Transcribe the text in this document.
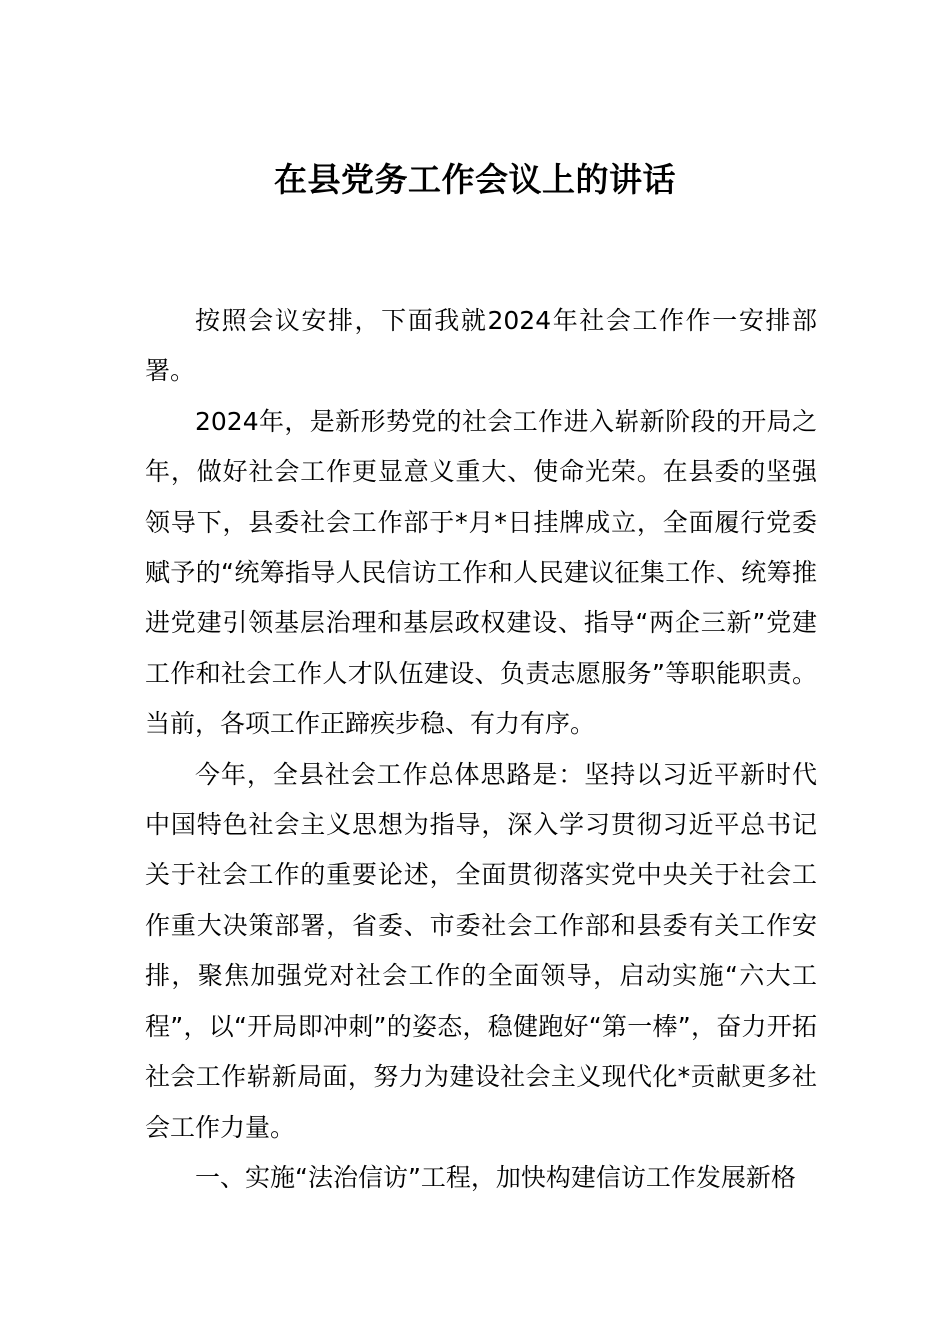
在县党务工作会议上的讲话

按照会议安排，下面我就2024年社会工作作一安排部署。

2024年，是新形势党的社会工作进入崭新阶段的开局之年，做好社会工作更显意义重大、使命光荣。在县委的坚强领导下，县委社会工作部于*月*日挂牌成立，全面履行党委赋予的“统筹指导人民信访工作和人民建议征集工作、统筹推进党建引领基层治理和基层政权建设、指导“两企三新”党建工作和社会工作人才队伍建设、负责志愿服务”等职能职责。当前，各项工作正蹄疾步稳、有力有序。

今年，全县社会工作总体思路是：坚持以习近平新时代中国特色社会主义思想为指导，深入学习贯彻习近平总书记关于社会工作的重要论述，全面贯彻落实党中央关于社会工作重大决策部署，省委、市委社会工作部和县委有关工作安排，聚焦加强党对社会工作的全面领导，启动实施“六大工程”，以“开局即冲刺”的姿态，稳健跑好“第一棒”，奋力开拓社会工作崭新局面，努力为建设社会主义现代化*贡献更多社会工作力量。

一、实施“法治信访”工程，加快构建信访工作发展新格
